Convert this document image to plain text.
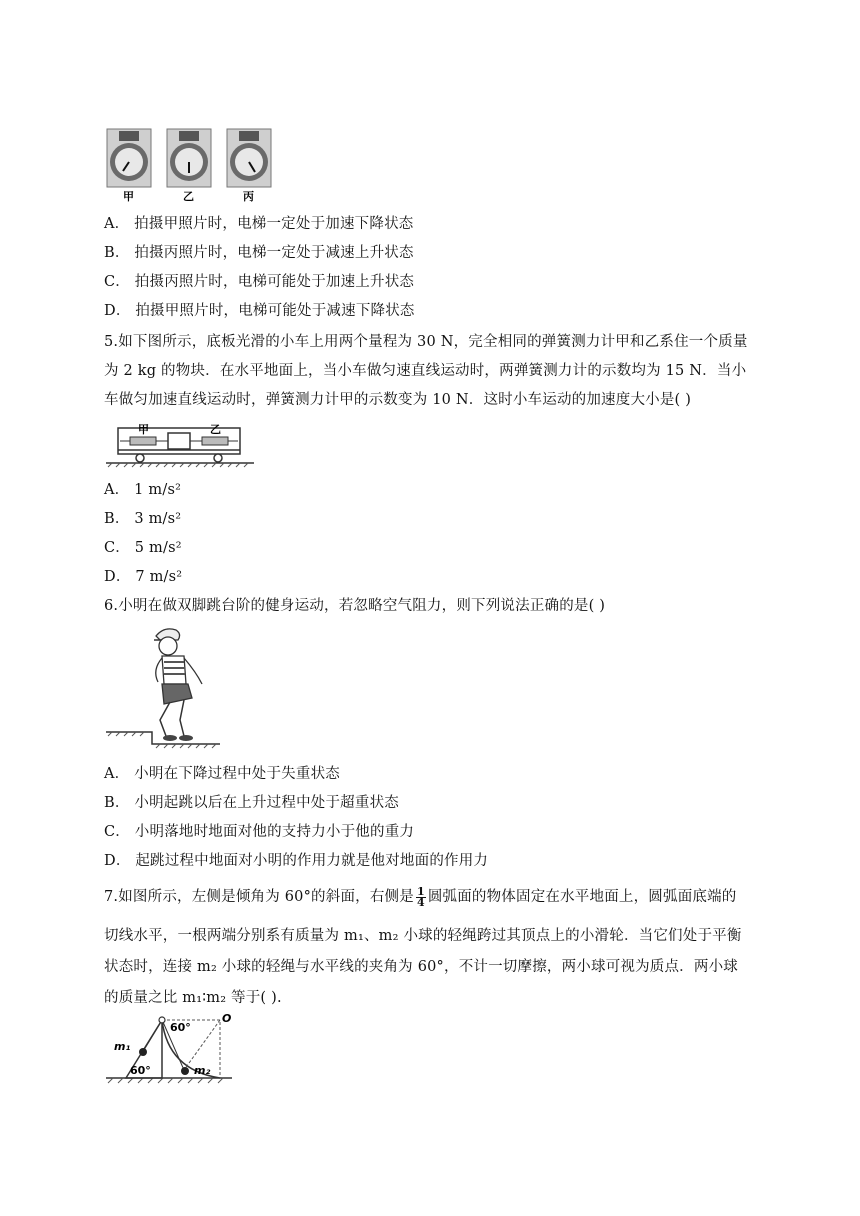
甲	乙	丙
A． 拍摄甲照片时，电梯一定处于加速下降状态
B． 拍摄丙照片时，电梯一定处于减速上升状态
C． 拍摄丙照片时，电梯可能处于加速上升状态
D． 拍摄甲照片时，电梯可能处于减速下降状态
5.如下图所示，底板光滑的小车上用两个量程为 30 N，完全相同的弹簧测力计甲和乙系住一个质量
为 2 kg 的物块．在水平地面上，当小车做匀速直线运动时，两弹簧测力计的示数均为 15 N．当小
车做匀加速直线运动时，弹簧测力计甲的示数变为 10 N．这时小车运动的加速度大小是( )
甲	乙
A． 1 m/s²
B． 3 m/s²
C． 5 m/s²
D． 7 m/s²
6.小明在做双脚跳台阶的健身运动，若忽略空气阻力，则下列说法正确的是( )
A． 小明在下降过程中处于失重状态
B． 小明起跳以后在上升过程中处于超重状态
C． 小明落地时地面对他的支持力小于他的重力
D． 起跳过程中地面对小明的作用力就是他对地面的作用力
7.如图所示，左侧是倾角为 60°的斜面，右侧是 $\frac{1}{4}$ 圆弧面的物体固定在水平地面上，圆弧面底端的
切线水平，一根两端分别系有质量为 m₁、m₂ 小球的轻绳跨过其顶点上的小滑轮．当它们处于平衡
状态时，连接 m₂ 小球的轻绳与水平线的夹角为 60°，不计一切摩擦，两小球可视为质点．两小球
的质量之比 m₁∶m₂ 等于( ).
m₁
m₂
60°
60°
O
